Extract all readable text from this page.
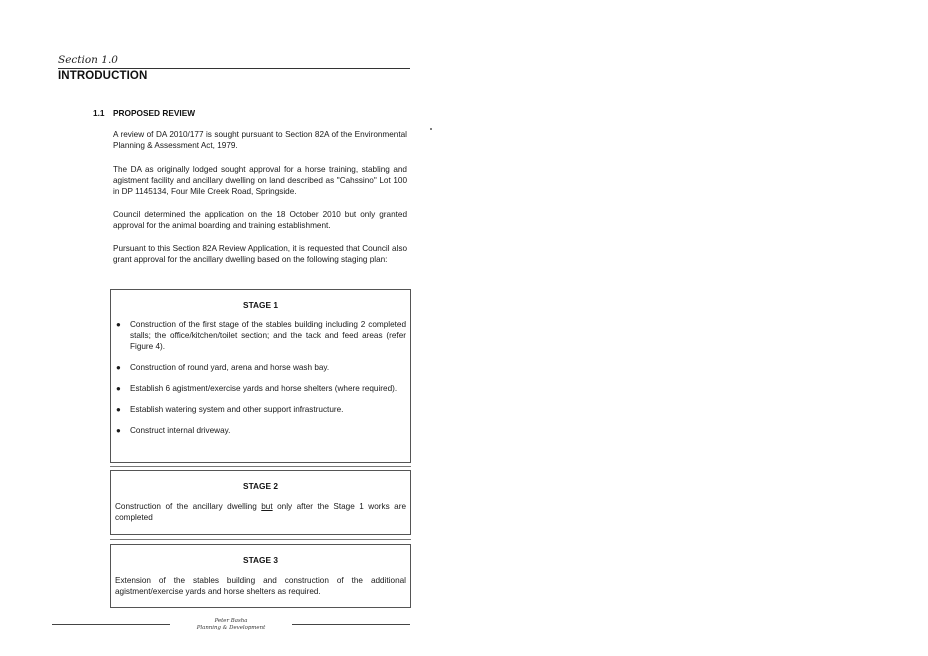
Section 1.0
INTRODUCTION
1.1 PROPOSED REVIEW
A review of DA 2010/177 is sought pursuant to Section 82A of the Environmental Planning & Assessment Act, 1979.
The DA as originally lodged sought approval for a horse training, stabling and agistment facility and ancillary dwelling on land described as "Cahssino" Lot 100 in DP 1145134, Four Mile Creek Road, Springside.
Council determined the application on the 18 October 2010 but only granted approval for the animal boarding and training establishment.
Pursuant to this Section 82A Review Application, it is requested that Council also grant approval for the ancillary dwelling based on the following staging plan:
STAGE 1
● Construction of the first stage of the stables building including 2 completed stalls; the office/kitchen/toilet section; and the tack and feed areas (refer Figure 4).
● Construction of round yard, arena and horse wash bay.
● Establish 6 agistment/exercise yards and horse shelters (where required).
● Establish watering system and other support infrastructure.
● Construct internal driveway.
STAGE 2
Construction of the ancillary dwelling but only after the Stage 1 works are completed
STAGE 3
Extension of the stables building and construction of the additional agistment/exercise yards and horse shelters as required.
Peter Basha
Planning & Development
